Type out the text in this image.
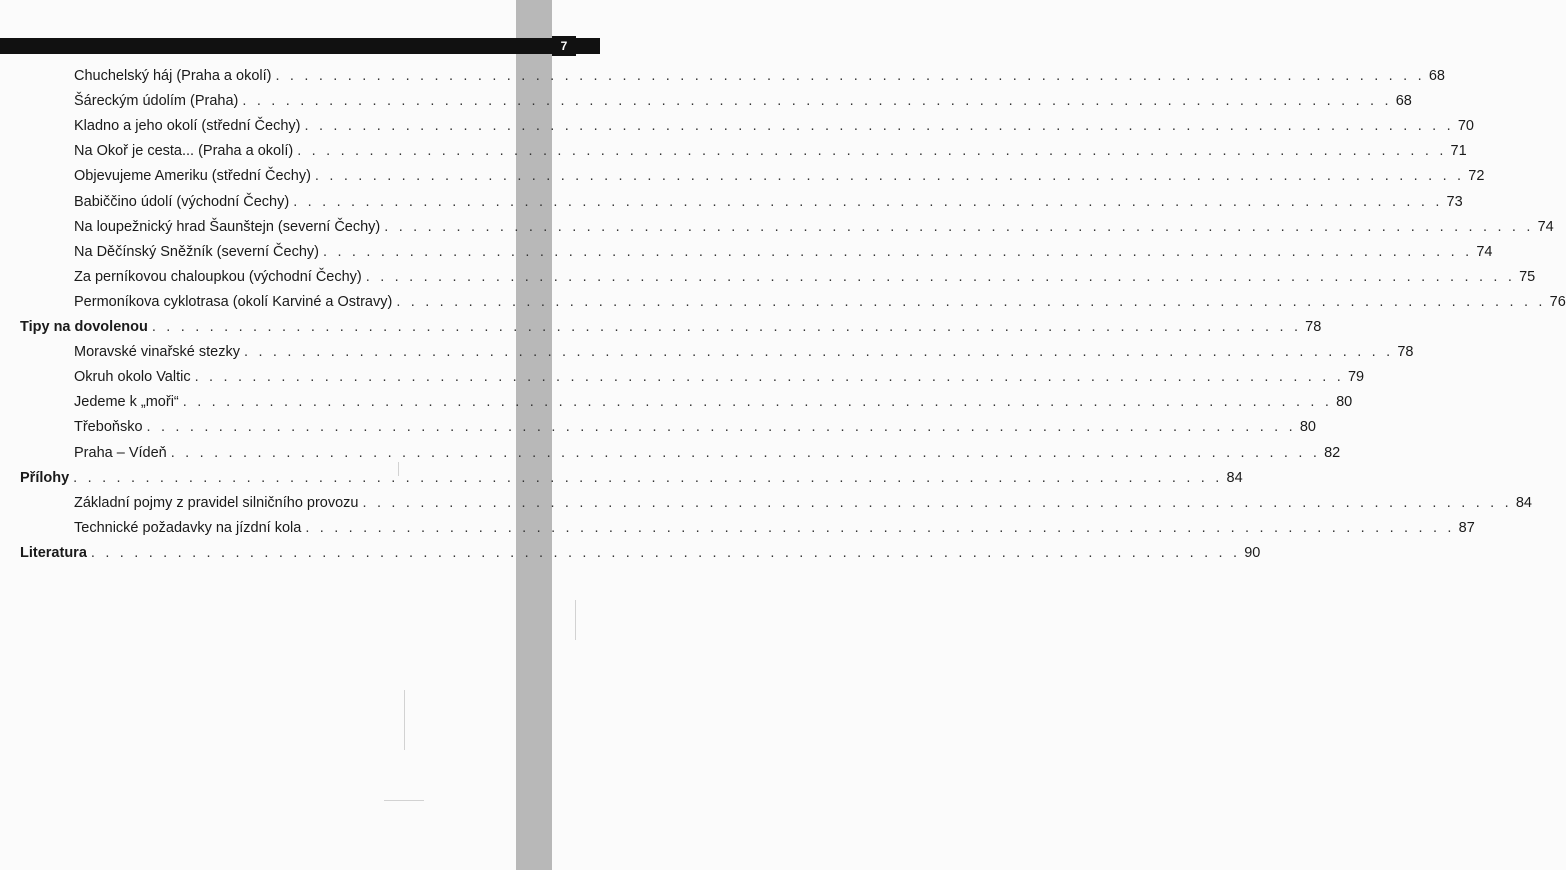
7
Chuchelský háj (Praha a okolí) . . . . . . . . . . . . . . . . . . . . . . . . . . . . . . . . . . . . . . . . . . . . . . . . . . . . . . . . . . . . . . . . . . . . . . . . . . . . . . . . 68
Šáreckým údolím (Praha) . . . . . . . . . . . . . . . . . . . . . . . . . . . . . . . . . . . . . . . . . . . . . . . . . . . . . . . . . . . . . . . . . . . . . . . . . . . . . . . . 68
Kladno a jeho okolí (střední Čechy) . . . . . . . . . . . . . . . . . . . . . . . . . . . . . . . . . . . . . . . . . . . . . . . . . . . . . . . . . . . . . . . . . . . . . . . . . . . . . . . . 70
Na Okoř je cesta... (Praha a okolí) . . . . . . . . . . . . . . . . . . . . . . . . . . . . . . . . . . . . . . . . . . . . . . . . . . . . . . . . . . . . . . . . . . . . . . . . . . . . . . . . 71
Objevujeme Ameriku (střední Čechy) . . . . . . . . . . . . . . . . . . . . . . . . . . . . . . . . . . . . . . . . . . . . . . . . . . . . . . . . . . . . . . . . . . . . . . . . . . . . . . . . 72
Babiččino údolí (východní Čechy) . . . . . . . . . . . . . . . . . . . . . . . . . . . . . . . . . . . . . . . . . . . . . . . . . . . . . . . . . . . . . . . . . . . . . . . . . . . . . . . . 73
Na loupežnický hrad Šaunštejn (severní Čechy) . . . . . . . . . . . . . . . . . . . . . . . . . . . . . . . . . . . . . . . . . . . . . . . . . . . . . . . . . . . . . . . . . . . . . . . . . . . . . . . . 74
Na Děčínský Sněžník (severní Čechy) . . . . . . . . . . . . . . . . . . . . . . . . . . . . . . . . . . . . . . . . . . . . . . . . . . . . . . . . . . . . . . . . . . . . . . . . . . . . . . . . 74
Za perníkovou chaloupkou (východní Čechy) . . . . . . . . . . . . . . . . . . . . . . . . . . . . . . . . . . . . . . . . . . . . . . . . . . . . . . . . . . . . . . . . . . . . . . . . . . . . . . . . 75
Permoníkova cyklotrasa (okolí Karviné a Ostravy) . . . . . . . . . . . . . . . . . . . . . . . . . . . . . . . . . . . . . . . . . . . . . . . . . . . . . . . . . . . . . . . . . . . . . . . . . . . . . . . . 76
Tipy na dovolenou . . . . . . . . . . . . . . . . . . . . . . . . . . . . . . . . . . . . . . . . . . . . . . . . . . . . . . . . . . . . . . . . . . . . . . . . . . . . . . . . 78
Moravské vinařské stezky . . . . . . . . . . . . . . . . . . . . . . . . . . . . . . . . . . . . . . . . . . . . . . . . . . . . . . . . . . . . . . . . . . . . . . . . . . . . . . . . 78
Okruh okolo Valtic . . . . . . . . . . . . . . . . . . . . . . . . . . . . . . . . . . . . . . . . . . . . . . . . . . . . . . . . . . . . . . . . . . . . . . . . . . . . . . . . 79
Jedeme k „moři“ . . . . . . . . . . . . . . . . . . . . . . . . . . . . . . . . . . . . . . . . . . . . . . . . . . . . . . . . . . . . . . . . . . . . . . . . . . . . . . . . 80
Třeboňsko . . . . . . . . . . . . . . . . . . . . . . . . . . . . . . . . . . . . . . . . . . . . . . . . . . . . . . . . . . . . . . . . . . . . . . . . . . . . . . . . 80
Praha – Vídeň . . . . . . . . . . . . . . . . . . . . . . . . . . . . . . . . . . . . . . . . . . . . . . . . . . . . . . . . . . . . . . . . . . . . . . . . . . . . . . . . 82
Přílohy . . . . . . . . . . . . . . . . . . . . . . . . . . . . . . . . . . . . . . . . . . . . . . . . . . . . . . . . . . . . . . . . . . . . . . . . . . . . . . . . 84
Základní pojmy z pravidel silničního provozu . . . . . . . . . . . . . . . . . . . . . . . . . . . . . . . . . . . . . . . . . . . . . . . . . . . . . . . . . . . . . . . . . . . . . . . . . . . . . . . . 84
Technické požadavky na jízdní kola . . . . . . . . . . . . . . . . . . . . . . . . . . . . . . . . . . . . . . . . . . . . . . . . . . . . . . . . . . . . . . . . . . . . . . . . . . . . . . . . 87
Literatura . . . . . . . . . . . . . . . . . . . . . . . . . . . . . . . . . . . . . . . . . . . . . . . . . . . . . . . . . . . . . . . . . . . . . . . . . . . . . . . . 90
